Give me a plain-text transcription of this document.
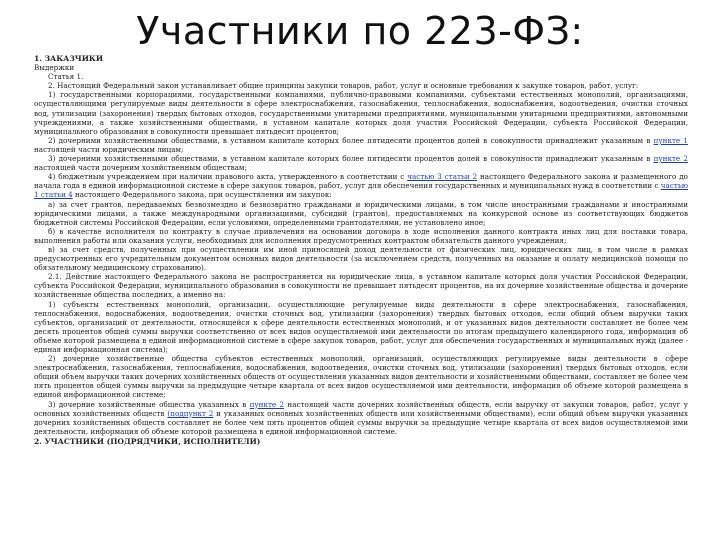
Участники по 223-ФЗ:

1. ЗАКАЗЧИКИ

Выдержки

Статья 1.

2. Настоящий Федеральный закон устанавливает общие принципы закупки товаров, работ, услуг и основные требования к закупке товаров, работ, услуг:

1) государственными корпорациями, государственными компаниями, публично-правовыми компаниями, субъектами естественных монополий, организациями, осуществляющими регулируемые виды деятельности в сфере электроснабжения, газоснабжения, теплоснабжения, водоснабжения, водоотведения, очистки сточных вод, утилизации (захоронения) твердых бытовых отходов, государственными унитарными предприятиями, муниципальными унитарными предприятиями, автономными учреждениями, а также хозяйственными обществами, в уставном капитале которых доля участия Российской Федерации, субъекта Российской Федерации, муниципального образования в совокупности превышает пятьдесят процентов;

2) дочерними хозяйственными обществами, в уставном капитале которых более пятидесяти процентов долей в совокупности принадлежит указанным в пункте 1 настоящей части юридическим лицам;

3) дочерними хозяйственными обществами, в уставном капитале которых более пятидесяти процентов долей в совокупности принадлежит указанным в пункте 2 настоящей части дочерним хозяйственным обществам;

4) бюджетным учреждением при наличии правового акта, утвержденного в соответствии с частью 3 статьи 2 настоящего Федерального закона и размещенного до начала года в единой информационной системе в сфере закупок товаров, работ, услуг для обеспечения государственных и муниципальных нужд в соответствии с частью 1 статьи 4 настоящего Федерального закона, при осуществлении им закупок:

а) за счет грантов, передаваемых безвозмездно и безвозвратно гражданами и юридическими лицами, в том числе иностранными гражданами и иностранными юридическими лицами, а также международными организациями, субсидий (грантов), предоставляемых на конкурсной основе из соответствующих бюджетов бюджетной системы Российской Федерации, если условиями, определенными грантодателями, не установлено иное;

б) в качестве исполнителя по контракту в случае привлечения на основании договора в ходе исполнения данного контракта иных лиц для поставки товара, выполнения работы или оказания услуги, необходимых для исполнения предусмотренных контрактом обязательств данного учреждения;

в) за счет средств, полученных при осуществлении им иной приносящей доход деятельности от физических лиц, юридических лиц, в том числе в рамках предусмотренных его учредительным документом основных видов деятельности (за исключением средств, полученных на оказание и оплату медицинской помощи по обязательному медицинскому страхованию).

2.1. Действие настоящего Федерального закона не распространяется на юридические лица, в уставном капитале которых доля участия Российской Федерации, субъекта Российской Федерации, муниципального образования в совокупности не превышает пятьдесят процентов, на их дочерние хозяйственные общества и дочерние хозяйственные общества последних, а именно на:

1) субъекты естественных монополий, организации, осуществляющие регулируемые виды деятельности в сфере электроснабжения, газоснабжения, теплоснабжения, водоснабжения, водоотведения, очистки сточных вод, утилизации (захоронения) твердых бытовых отходов, если общий объем выручки таких субъектов, организаций от деятельности, относящейся к сфере деятельности естественных монополий, и от указанных видов деятельности составляет не более чем десять процентов общей суммы выручки соответственно от всех видов осуществляемой ими деятельности по итогам предыдущего календарного года, информация об объеме которой размещена в единой информационной системе в сфере закупок товаров, работ, услуг для обеспечения государственных и муниципальных нужд (далее - единая информационная система);

2) дочерние хозяйственные общества субъектов естественных монополий, организаций, осуществляющих регулируемые виды деятельности в сфере электроснабжения, газоснабжения, теплоснабжения, водоснабжения, водоотведения, очистки сточных вод, утилизации (захоронения) твердых бытовых отходов, если общий объем выручки таких дочерних хозяйственных обществ от осуществления указанных видов деятельности и хозяйственными обществами, составляет не более чем пять процентов общей суммы выручки за предыдущие четыре квартала от всех видов осуществляемой ими деятельности, информация об объеме которой размещена в единой информационной системе;

3) дочерние хозяйственные общества указанных в пункте 2 настоящей части дочерних хозяйственных обществ, если выручку от закупки товаров, работ, услуг у основных хозяйственных обществ (подпункт 2 и указанных основных хозяйственных обществ или хозяйственными обществами), если общий объем выручки указанных дочерних хозяйственных обществ составляет не более чем пять процентов общей суммы выручки за предыдущие четыре квартала от всех видов осуществляемой ими деятельности, информация об объеме которой размещена в единой информационной системе.

2. УЧАСТНИКИ (ПОДРЯДЧИКИ, ИСПОЛНИТЕЛИ)
